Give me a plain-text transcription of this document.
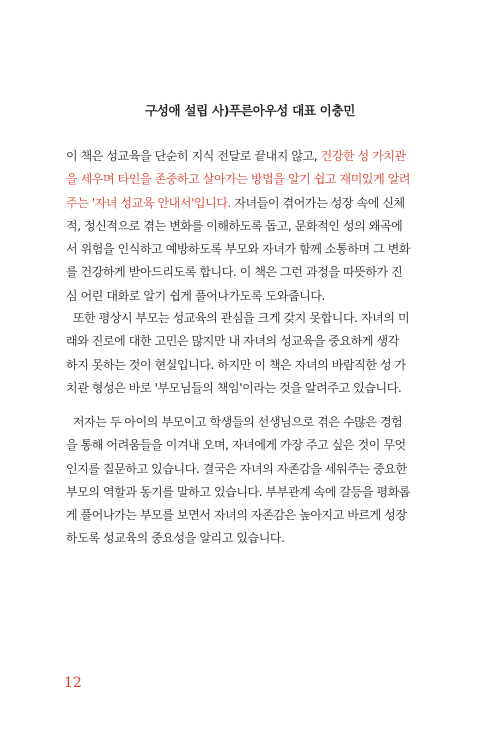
구성애 설립 사)푸른아우성 대표 이충민
이 책은 성교육을 단순히 지식 전달로 끝내지 않고, 건강한 성 가치관
을 세우며 타인을 존중하고 살아가는 방법을 알기 쉽고 재미있게 알려
주는 '자녀 성교육 안내서'입니다. 자녀들이 겪어가는 성장 속에 신체
적, 정신적으로 겪는 변화를 이해하도록 돕고, 문화적인 성의 왜곡에
서 위험을 인식하고 예방하도록 부모와 자녀가 함께 소통하며 그 변화
를 건강하게 받아드리도록 합니다. 이 책은 그런 과정을 따뜻하가 진
심 어린 대화로 알기 쉽게 풀어나가도록 도와줍니다.
또한 평상시 부모는 성교육의 관심을 크게 갖지 못합니다. 자녀의 미
래와 진로에 대한 고민은 많지만 내 자녀의 성교육을 중요하게 생각
하지 못하는 것이 현실입니다. 하지만 이 책은 자녀의 바람직한 성 가
치관 형성은 바로 '부모님들의 책임'이라는 것을 알려주고 있습니다.
저자는 두 아이의 부모이고 학생들의 선생님으로 겪은 수많은 경험
을 통해 어려움들을 이겨내 오며, 자녀에게 가장 주고 싶은 것이 무엇
인지를 질문하고 있습니다. 결국은 자녀의 자존감을 세워주는 중요한
부모의 역할과 동기를 말하고 있습니다. 부부관계 속에 갈등을 평화롭
게 풀어나가는 부모를 보면서 자녀의 자존감은 높아지고 바르게 성장
하도록 성교육의 중요성을 알리고 있습니다.
12
